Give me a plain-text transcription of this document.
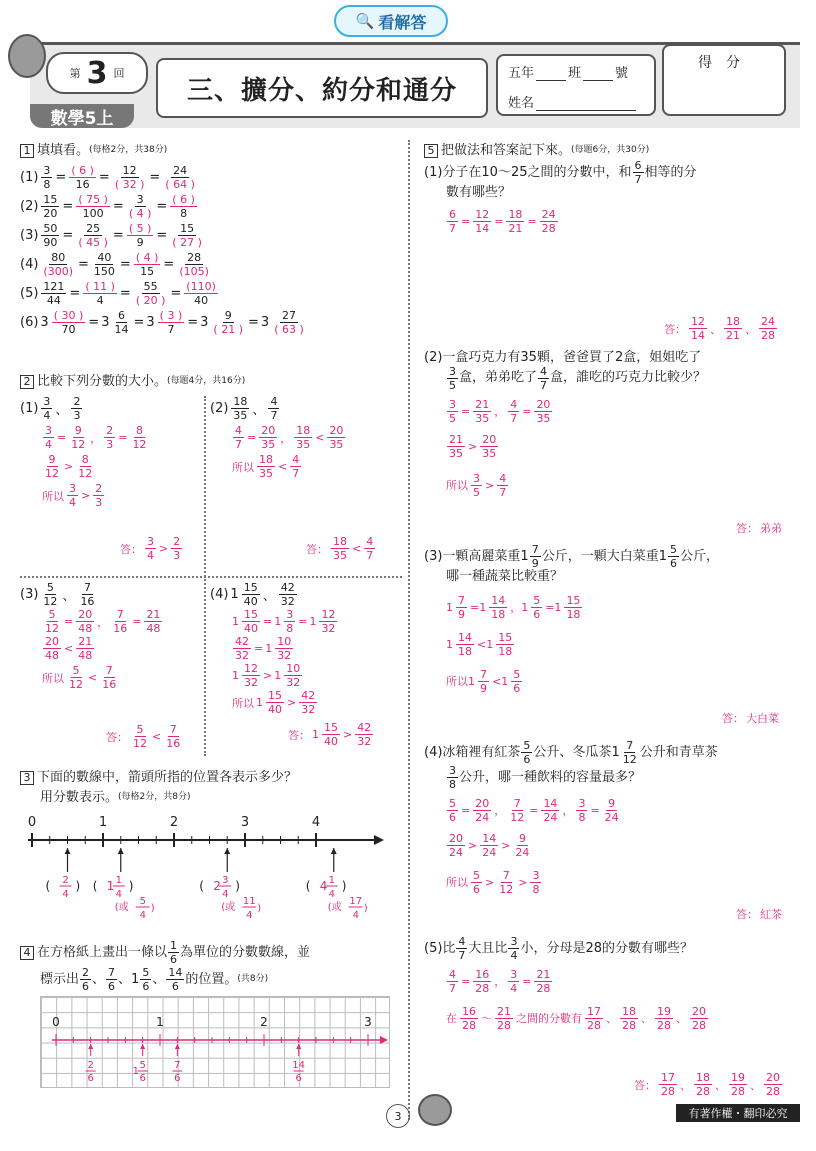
🔍 看解答
第 3 回
數學5上
三、擴分、約分和通分
五年	班	號
姓名
得　分
1 填填看。 (每格2分，共38分)
$(1) \frac{3}{8} = \frac{( 6 )}{16} = \frac{12}{( 32 )} = \frac{24}{( 64 )}$
$(2) \frac{15}{20} = \frac{( 75 )}{100} = \frac{3}{( 4 )} = \frac{( 6 )}{8}$
$(3) \frac{50}{90} = \frac{25}{( 45 )} = \frac{( 5 )}{9} = \frac{15}{( 27 )}$
$(4) \frac{80}{(300)} = \frac{40}{150} = \frac{( 4 )}{15} = \frac{28}{(105)}$
$(5) \frac{121}{44} = \frac{( 11 )}{4} = \frac{55}{( 20 )} = \frac{(110)}{40}$
(6) $3 \frac{( 30 )}{70} = 3 \frac{6}{14} = 3 \frac{( 3 )}{7} = 3 \frac{9}{( 21 )} = 3 \frac{27}{( 63 )}$
2 比較下列分數的大小。 (每題4分，共16分)
$(1) \frac{3}{4}$ 、 $\frac{2}{3}$
$\frac{3}{4} = \frac{9}{12}$ ， $\frac{2}{3} = \frac{8}{12}$
$\frac{9}{12} > \frac{8}{12}$
所以 $\frac{3}{4} > \frac{2}{3}$
答： $\frac{3}{4} > \frac{2}{3}$
$(2) \frac{18}{35}$ 、 $\frac{4}{7}$
$\frac{4}{7} = \frac{20}{35}$ ， $\frac{18}{35} < \frac{20}{35}$
所以 $\frac{18}{35} < \frac{4}{7}$
答： $\frac{18}{35} < \frac{4}{7}$
$(3) \frac{5}{12}$ 、 $\frac{7}{16}$
$\frac{5}{12} = \frac{20}{48}$ ， $\frac{7}{16} = \frac{21}{48}$
$\frac{20}{48} < \frac{21}{48}$
所以 $\frac{5}{12} < \frac{7}{16}$
答： $\frac{5}{12} < \frac{7}{16}$
(4) $1 \frac{15}{40}$ 、 $\frac{42}{32}$
$1 \frac{15}{40} = 1 \frac{3}{8} = 1 \frac{12}{32}$
$\frac{42}{32} = 1 \frac{10}{32}$
$1 \frac{12}{32} > 1 \frac{10}{32}$
所以 $1 \frac{15}{40} > \frac{42}{32}$
答： $1 \frac{15}{40} > \frac{42}{32}$
3 下面的數線中，箭頭所指的位置各表示多少？
用分數表示。 (每格2分，共8分)
0	1	2	3	4
( 2
4
) ( 1 1
4
)
(或
5
4
)
( 2 3
4
)
(或
11
4
)
( 4 1
4
)
(或
17
4
)
4 在方格紙上畫出一條以 $\frac{1}{6}$ 為單位的分數數線，並
標示出 $\frac{2}{6}$ 、 $\frac{7}{6}$ 、 $1 \frac{5}{6}$ 、 $\frac{14}{6}$ 的位置。 (共8分)
0	1	2	3
2
6
7
6
1
5
6
14
6
5 把做法和答案記下來。 (每題6分，共30分)
(1)分子在10～25之間的分數中，和 $\frac{6}{7}$ 相等的分
數有哪些？
$\frac{6}{7} = \frac{12}{14} = \frac{18}{21} = \frac{24}{28}$
答： $\frac{12}{14}$ 、 $\frac{18}{21}$ 、 $\frac{24}{28}$
(2)一盒巧克力有35顆，爸爸買了2盒，姐姐吃了
$\frac{3}{5}$ 盒，弟弟吃了 $\frac{4}{7}$ 盒，誰吃的巧克力比較少？
$\frac{3}{5} = \frac{21}{35}$ ， $\frac{4}{7} = \frac{20}{35}$
$\frac{21}{35} > \frac{20}{35}$
所以 $\frac{3}{5} > \frac{4}{7}$
答： 弟弟
(3)一顆高麗菜重 $1 \frac{7}{9}$ 公斤，一顆大白菜重 $1 \frac{5}{6}$ 公斤，
哪一種蔬菜比較重？
$1 \frac{7}{9} =1 \frac{14}{18}$ ，$1 \frac{5}{6} =1 \frac{15}{18}$
$1 \frac{14}{18} <1 \frac{15}{18}$
所以$1 \frac{7}{9} <1 \frac{5}{6}$
答： 大白菜
(4)冰箱裡有紅茶 $\frac{5}{6}$ 公升、冬瓜茶 $1 \frac{7}{12}$ 公升和青草茶
$\frac{3}{8}$ 公升，哪一種飲料的容量最多？
$\frac{5}{6} = \frac{20}{24}$ ， $\frac{7}{12} = \frac{14}{24}$ ， $\frac{3}{8} = \frac{9}{24}$
$\frac{20}{24} > \frac{14}{24} > \frac{9}{24}$
所以 $\frac{5}{6} > \frac{7}{12} > \frac{3}{8}$
答： 紅茶
(5)比 $\frac{4}{7}$ 大且比 $\frac{3}{4}$ 小，分母是28的分數有哪些？
$\frac{4}{7} = \frac{16}{28}$ ， $\frac{3}{4} = \frac{21}{28}$
在 $\frac{16}{28}$ ～ $\frac{21}{28}$ 之間的分數有 $\frac{17}{28}$ 、 $\frac{18}{28}$ 、 $\frac{19}{28}$ 、 $\frac{20}{28}$
答： $\frac{17}{28}$ 、 $\frac{18}{28}$ 、 $\frac{19}{28}$ 、 $\frac{20}{28}$
3	有著作權・翻印必究
